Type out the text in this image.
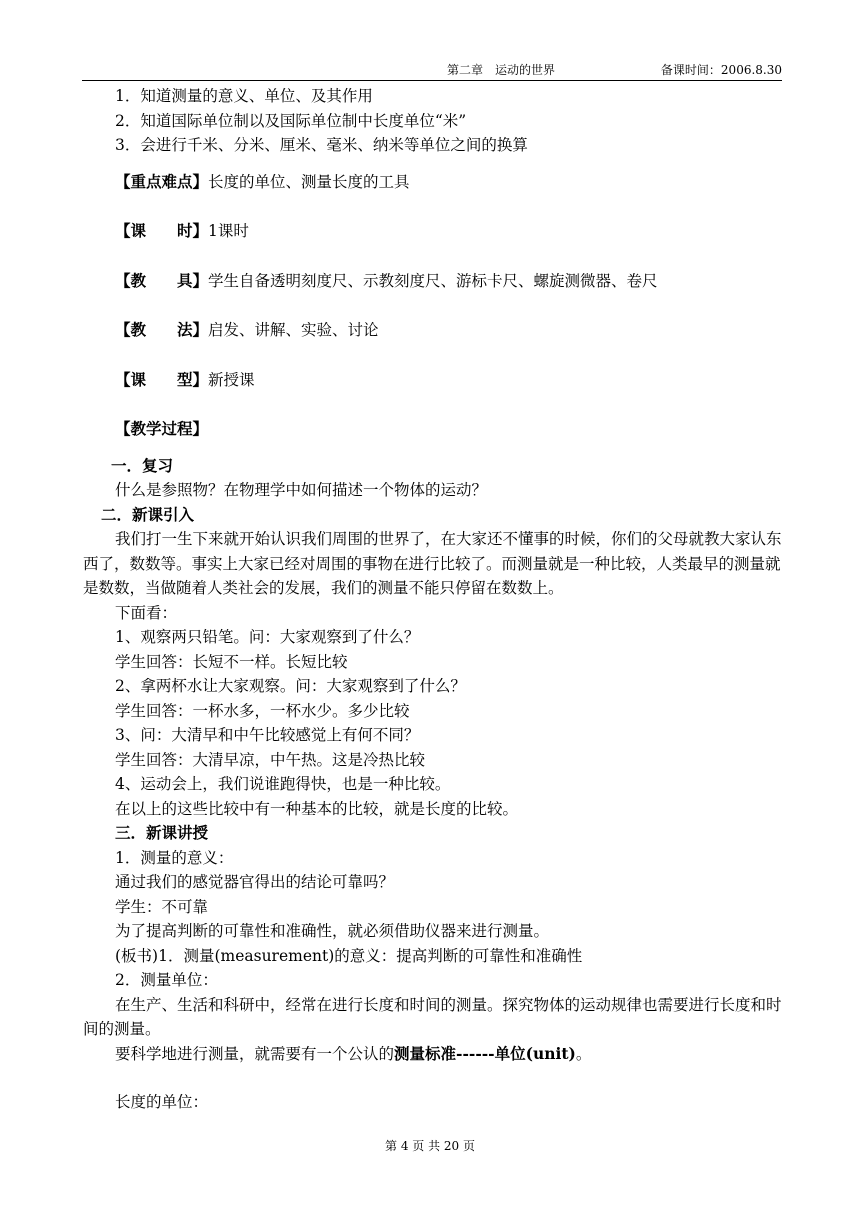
第二章　运动的世界	备课时间：2006.8.30
1．知道测量的意义、单位、及其作用
2．知道国际单位制以及国际单位制中长度单位“米”
3．会进行千米、分米、厘米、毫米、纳米等单位之间的换算
【重点难点】长度的单位、测量长度的工具
【课　　时】1课时
【教　　具】学生自备透明刻度尺、示教刻度尺、游标卡尺、螺旋测微器、卷尺
【教　　法】启发、讲解、实验、讨论
【课　　型】新授课
【教学过程】
一．复习
什么是参照物？在物理学中如何描述一个物体的运动？
二．新课引入
我们打一生下来就开始认识我们周围的世界了，在大家还不懂事的时候，你们的父母就教大家认东西了，数数等。事实上大家已经对周围的事物在进行比较了。而测量就是一种比较，人类最早的测量就是数数，当做随着人类社会的发展，我们的测量不能只停留在数数上。
下面看：
1、观察两只铅笔。问：大家观察到了什么？
学生回答：长短不一样。长短比较
2、拿两杯水让大家观察。问：大家观察到了什么？
学生回答：一杯水多，一杯水少。多少比较
3、问：大清早和中午比较感觉上有何不同？
学生回答：大清早凉，中午热。这是冷热比较
4、运动会上，我们说谁跑得快，也是一种比较。
在以上的这些比较中有一种基本的比较，就是长度的比较。
三．新课讲授
1．测量的意义：
通过我们的感觉器官得出的结论可靠吗？
学生：不可靠
为了提高判断的可靠性和准确性，就必须借助仪器来进行测量。
(板书)1．测量(measurement)的意义：提高判断的可靠性和准确性
2．测量单位：
在生产、生活和科研中，经常在进行长度和时间的测量。探究物体的运动规律也需要进行长度和时间的测量。
要科学地进行测量，就需要有一个公认的测量标准------单位(unit)。
长度的单位：
第 4 页 共 20 页
